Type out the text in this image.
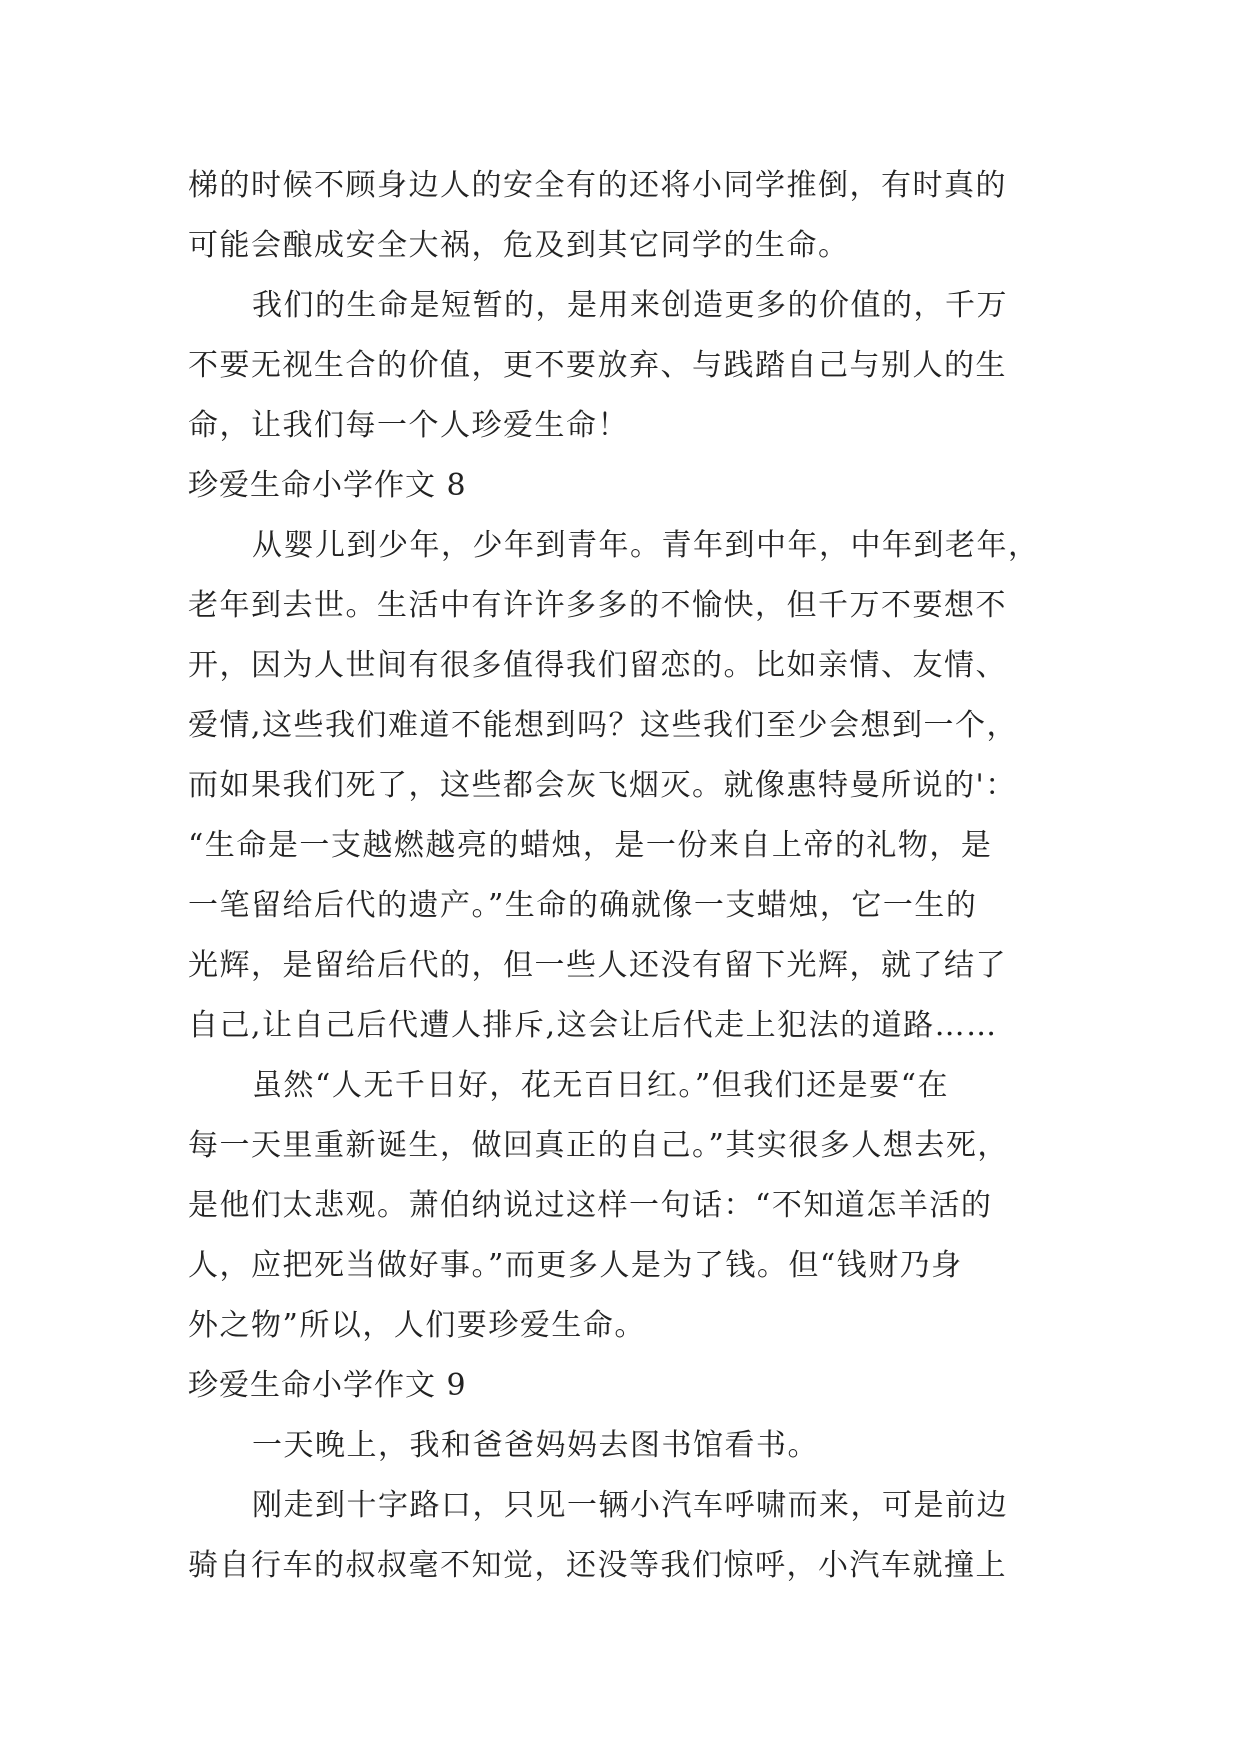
梯的时候不顾身边人的安全有的还将小同学推倒，有时真的
可能会酿成安全大祸，危及到其它同学的生命。
我们的生命是短暂的，是用来创造更多的价值的，千万
不要无视生合的价值，更不要放弃、与践踏自己与别人的生
命，让我们每一个人珍爱生命！
珍爱生命小学作文 8
从婴儿到少年，少年到青年。青年到中年，中年到老年，
老年到去世。生活中有许许多多的不愉快，但千万不要想不
开，因为人世间有很多值得我们留恋的。比如亲情、友情、
爱情,这些我们难道不能想到吗？这些我们至少会想到一个，
而如果我们死了，这些都会灰飞烟灭。就像惠特曼所说的'：
“生命是一支越燃越亮的蜡烛，是一份来自上帝的礼物，是
一笔留给后代的遗产。”生命的确就像一支蜡烛，它一生的
光辉，是留给后代的，但一些人还没有留下光辉，就了结了
自己,让自己后代遭人排斥,这会让后代走上犯法的道路……
虽然“人无千日好，花无百日红。”但我们还是要“在
每一天里重新诞生，做回真正的自己。”其实很多人想去死，
是他们太悲观。萧伯纳说过这样一句话：“不知道怎羊活的
人，应把死当做好事。”而更多人是为了钱。但“钱财乃身
外之物”所以，人们要珍爱生命。
珍爱生命小学作文 9
一天晚上，我和爸爸妈妈去图书馆看书。
刚走到十字路口，只见一辆小汽车呼啸而来，可是前边
骑自行车的叔叔毫不知觉，还没等我们惊呼，小汽车就撞上
